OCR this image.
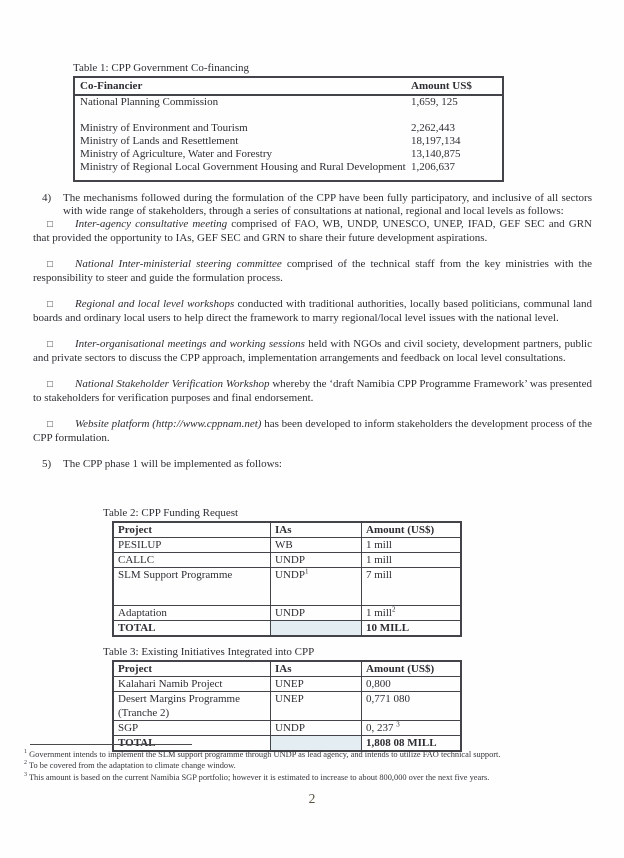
Table 1: CPP Government Co-financing
Co-Financier	Amount US$
National Planning Commission	1,659, 125
Ministry of Environment and Tourism	2,262,443
Ministry of Lands and Resettlement	18,197,134
Ministry of Agriculture, Water and Forestry	13,140,875
Ministry of Regional Local Government Housing and Rural Development 1,206,637

4) The mechanisms followed during the formulation of the CPP have been fully participatory, and inclusive of all sectors with wide range of stakeholders, through a series of consultations at national, regional and local levels as follows:

□ Inter-agency consultative meeting comprised of FAO, WB, UNDP, UNESCO, UNEP, IFAD, GEF SEC and GRN that provided the opportunity to IAs, GEF SEC and GRN to share their future development aspirations.

□ National Inter-ministerial steering committee comprised of the technical staff from the key ministries with the responsibility to steer and guide the formulation process.

□ Regional and local level workshops conducted with traditional authorities, locally based politicians, communal land boards and ordinary local users to help direct the framework to marry regional/local level issues with the national level.

□ Inter-organisational meetings and working sessions held with NGOs and civil society, development partners, public and private sectors to discuss the CPP approach, implementation arrangements and feedback on local level consultations.

□ National Stakeholder Verification Workshop whereby the ‘draft Namibia CPP Programme Framework’ was presented to stakeholders for verification purposes and final endorsement.

□ Website platform (http://www.cppnam.net) has been developed to inform stakeholders the development process of the CPP formulation.

5) The CPP phase 1 will be implemented as follows:

Table 2: CPP Funding Request

Project	IAs	Amount (US$)
PESILUP	WB	1 mill
CALLC	UNDP	1 mill
SLM Support Programme	UNDP$^1$	7 mill
Adaptation	UNDP	1 mill$^2$
TOTAL		10 MILL

Table 3: Existing Initiatives Integrated into CPP

Project	IAs	Amount (US$)
Kalahari Namib Project	UNEP	0,800
Desert Margins Programme (Tranche 2)	UNEP	0,771 080
SGP	UNDP	0, 237 $^3$
TOTAL		1,808 08 MILL
$^1$ Government intends to implement the SLM support programme through UNDP as lead agency, and intends to utilize FAO technical support.
$^2$ To be covered from the adaptation to climate change window.
$^3$ This amount is based on the current Namibia SGP portfolio; however it is estimated to increase to about 800,000 over the next five years.
2
